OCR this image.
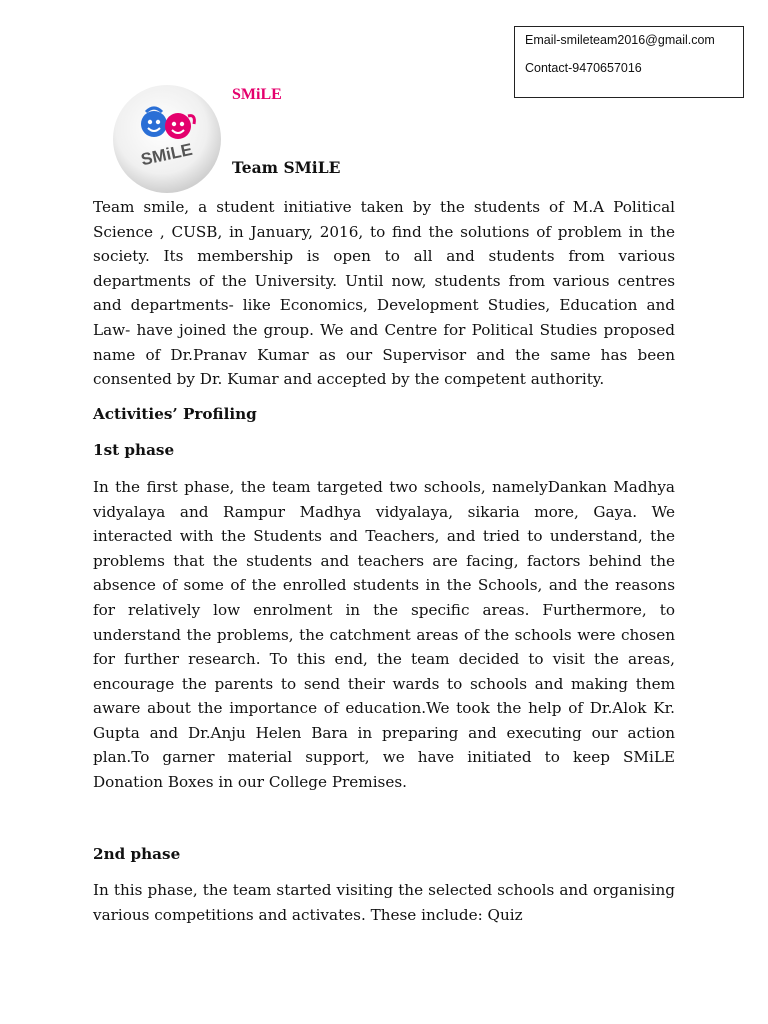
Email-smileteam2016@gmail.com
Contact-9470657016
SMiLE
SMiLE
Team SMiLE

Team smile, a student initiative taken by the students of M.A Political Science , CUSB, in January, 2016, to find the solutions of problem in the society. Its membership is open to all and students from various departments of the University. Until now, students from various centres and departments- like Economics, Development Studies, Education and Law- have joined the group. We and Centre for Political Studies proposed name of Dr.Pranav Kumar as our Supervisor and the same has been consented by Dr. Kumar and accepted by the competent authority.

Activities’ Profiling
1st phase

In the first phase, the team targeted two schools, namelyDankan Madhya vidyalaya and Rampur Madhya vidyalaya, sikaria more, Gaya. We interacted with the Students and Teachers, and tried to understand, the problems that the students and teachers are facing, factors behind the absence of some of the enrolled students in the Schools, and the reasons for relatively low enrolment in the specific areas. Furthermore, to understand the problems, the catchment areas of the schools were chosen for further research. To this end, the team decided to visit the areas, encourage the parents to send their wards to schools and making them aware about the importance of education.We took the help of Dr.Alok Kr. Gupta and Dr.Anju Helen Bara in preparing and executing our action plan.To garner material support, we have initiated to keep SMiLE Donation Boxes in our College Premises.

2nd phase

In this phase, the team started visiting the selected schools and organising various competitions and activates. These include: Quiz
